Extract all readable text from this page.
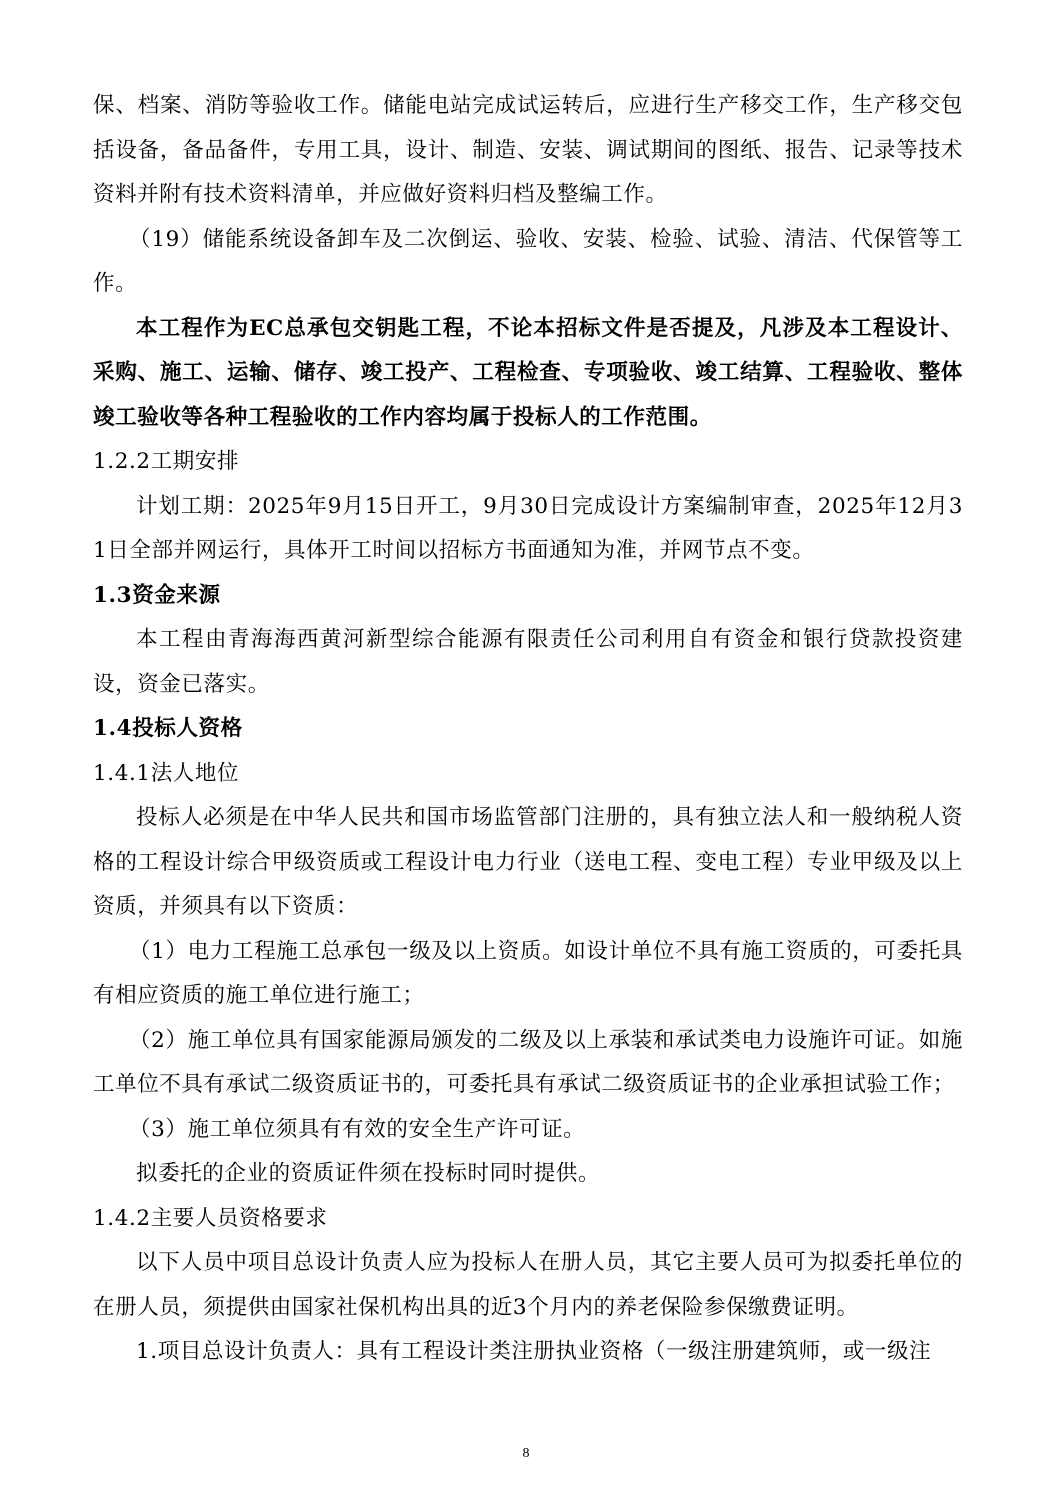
保、档案、消防等验收工作。储能电站完成试运转后，应进行生产移交工作，生产移交包括设备，备品备件，专用工具，设计、制造、安装、调试期间的图纸、报告、记录等技术资料并附有技术资料清单，并应做好资料归档及整编工作。

（19）储能系统设备卸车及二次倒运、验收、安装、检验、试验、清洁、代保管等工作。

本工程作为EC总承包交钥匙工程，不论本招标文件是否提及，凡涉及本工程设计、采购、施工、运输、储存、竣工投产、工程检查、专项验收、竣工结算、工程验收、整体竣工验收等各种工程验收的工作内容均属于投标人的工作范围。

1.2.2工期安排

计划工期：2025年9月15日开工，9月30日完成设计方案编制审查，2025年12月31日全部并网运行，具体开工时间以招标方书面通知为准，并网节点不变。

1.3资金来源

本工程由青海海西黄河新型综合能源有限责任公司利用自有资金和银行贷款投资建设，资金已落实。

1.4投标人资格

1.4.1法人地位

投标人必须是在中华人民共和国市场监管部门注册的，具有独立法人和一般纳税人资格的工程设计综合甲级资质或工程设计电力行业（送电工程、变电工程）专业甲级及以上资质，并须具有以下资质：

（1）电力工程施工总承包一级及以上资质。如设计单位不具有施工资质的，可委托具有相应资质的施工单位进行施工；

（2）施工单位具有国家能源局颁发的二级及以上承装和承试类电力设施许可证。如施工单位不具有承试二级资质证书的，可委托具有承试二级资质证书的企业承担试验工作；

（3）施工单位须具有有效的安全生产许可证。

拟委托的企业的资质证件须在投标时同时提供。

1.4.2主要人员资格要求

以下人员中项目总设计负责人应为投标人在册人员，其它主要人员可为拟委托单位的在册人员，须提供由国家社保机构出具的近3个月内的养老保险参保缴费证明。

1.项目总设计负责人：具有工程设计类注册执业资格（一级注册建筑师，或一级注

8
